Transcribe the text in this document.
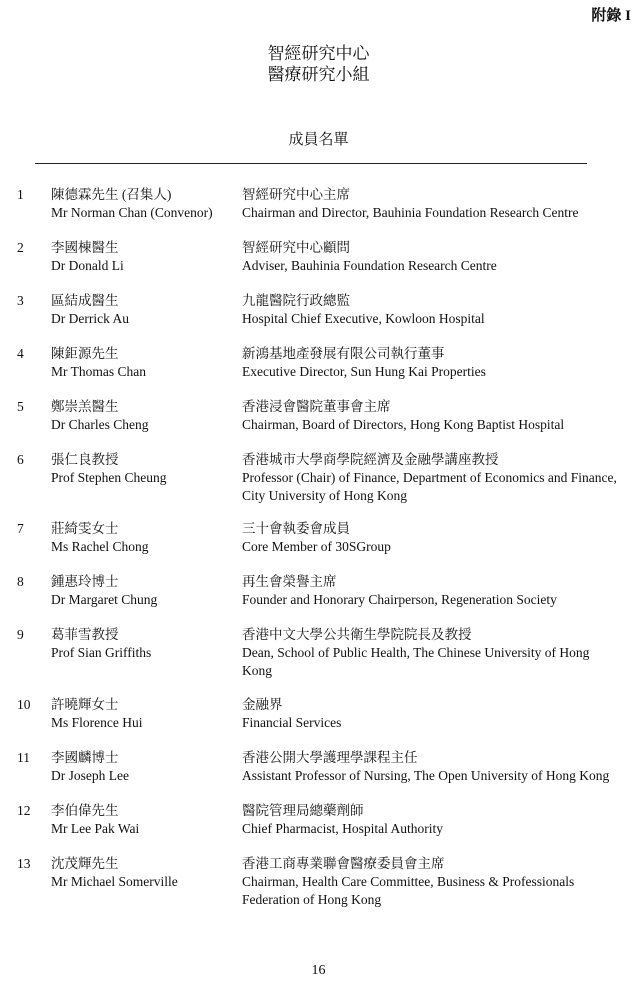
附錄 I
智經研究中心
醫療研究小組
成員名單
1 陳德霖先生 (召集人)
Mr Norman Chan (Convenor)
智經研究中心主席
Chairman and Director, Bauhinia Foundation Research Centre
2 李國棟醫生
Dr Donald Li
智經研究中心顧問
Adviser, Bauhinia Foundation Research Centre
3 區結成醫生
Dr Derrick Au
九龍醫院行政總監
Hospital Chief Executive, Kowloon Hospital
4 陳鉅源先生
Mr Thomas Chan
新鴻基地產發展有限公司執行董事
Executive Director, Sun Hung Kai Properties
5 鄭崇羔醫生
Dr Charles Cheng
香港浸會醫院董事會主席
Chairman, Board of Directors, Hong Kong Baptist Hospital
6 張仁良教授
Prof Stephen Cheung
香港城市大學商學院經濟及金融學講座教授
Professor (Chair) of Finance, Department of Economics and Finance,
City University of Hong Kong
7 莊綺雯女士
Ms Rachel Chong
三十會執委會成員
Core Member of 30SGroup
8 鍾惠玲博士
Dr Margaret Chung
再生會榮譽主席
Founder and Honorary Chairperson, Regeneration Society
9 葛菲雪教授
Prof Sian Griffiths
香港中文大學公共衛生學院院長及教授
Dean, School of Public Health, The Chinese University of Hong
Kong
10 許曉輝女士
Ms Florence Hui
金融界
Financial Services
11 李國麟博士
Dr Joseph Lee
香港公開大學護理學課程主任
Assistant Professor of Nursing, The Open University of Hong Kong
12 李伯偉先生
Mr Lee Pak Wai
醫院管理局總藥劑師
Chief Pharmacist, Hospital Authority
13 沈茂輝先生
Mr Michael Somerville
香港工商專業聯會醫療委員會主席
Chairman, Health Care Committee, Business & Professionals
Federation of Hong Kong
16
